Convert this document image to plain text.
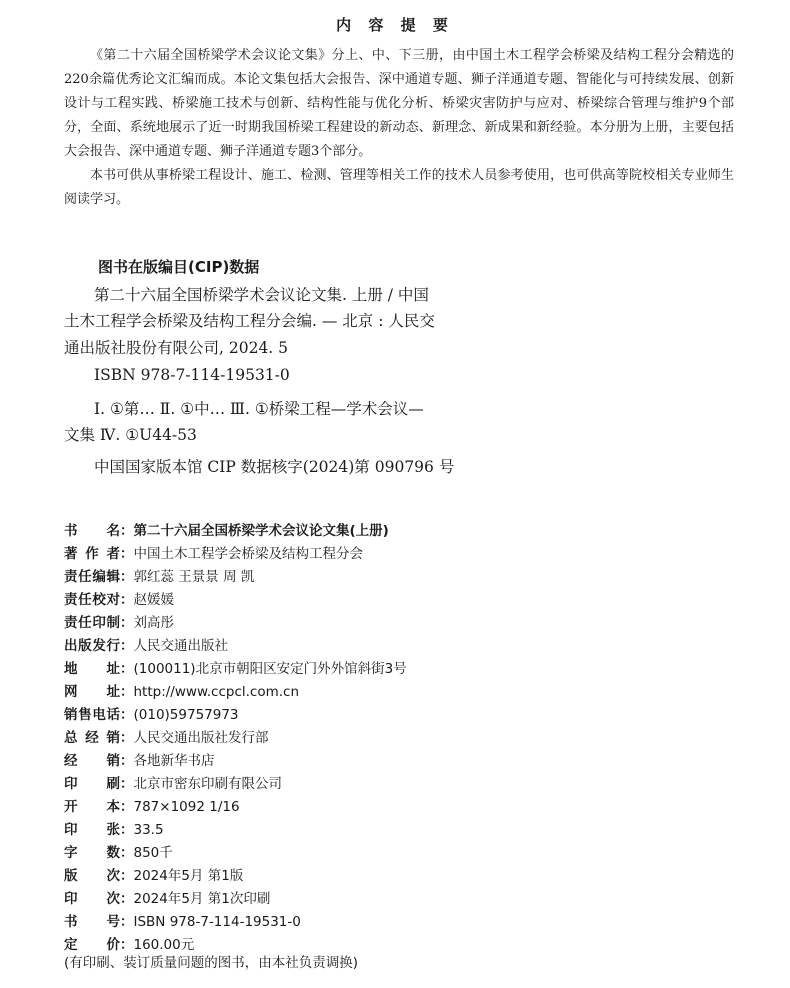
内 容 提 要

《第二十六届全国桥梁学术会议论文集》分上、中、下三册，由中国土木工程学会桥梁及结构工程分会精选的220余篇优秀论文汇编而成。本论文集包括大会报告、深中通道专题、狮子洋通道专题、智能化与可持续发展、创新设计与工程实践、桥梁施工技术与创新、结构性能与优化分析、桥梁灾害防护与应对、桥梁综合管理与维护9个部分，全面、系统地展示了近一时期我国桥梁工程建设的新动态、新理念、新成果和新经验。本分册为上册，主要包括大会报告、深中通道专题、狮子洋通道专题3个部分。

本书可供从事桥梁工程设计、施工、检测、管理等相关工作的技术人员参考使用，也可供高等院校相关专业师生阅读学习。

图书在版编目(CIP)数据
第二十六届全国桥梁学术会议论文集. 上册 / 中国
土木工程学会桥梁及结构工程分会编. — 北京 : 人民交
通出版社股份有限公司, 2024. 5
ISBN 978-7-114-19531-0
Ⅰ. ①第… Ⅱ. ①中… Ⅲ. ①桥梁工程—学术会议—
文集 Ⅳ. ①U44-53
中国国家版本馆 CIP 数据核字(2024)第 090796 号
书名：第二十六届全国桥梁学术会议论文集(上册)
著作者：中国土木工程学会桥梁及结构工程分会
责任编辑：郭红蕊 王景景 周 凯
责任校对：赵媛媛
责任印制：刘高彤
出版发行：人民交通出版社
地址：(100011)北京市朝阳区安定门外外馆斜街3号
网址：http://www.ccpcl.com.cn
销售电话：(010)59757973
总经销：人民交通出版社发行部
经销：各地新华书店
印刷：北京市密东印刷有限公司
开本：787×1092 1/16
印张：33.5
字数：850千
版次：2024年5月 第1版
印次：2024年5月 第1次印刷
书号：ISBN 978-7-114-19531-0
定价：160.00元
(有印刷、装订质量问题的图书，由本社负责调换)
